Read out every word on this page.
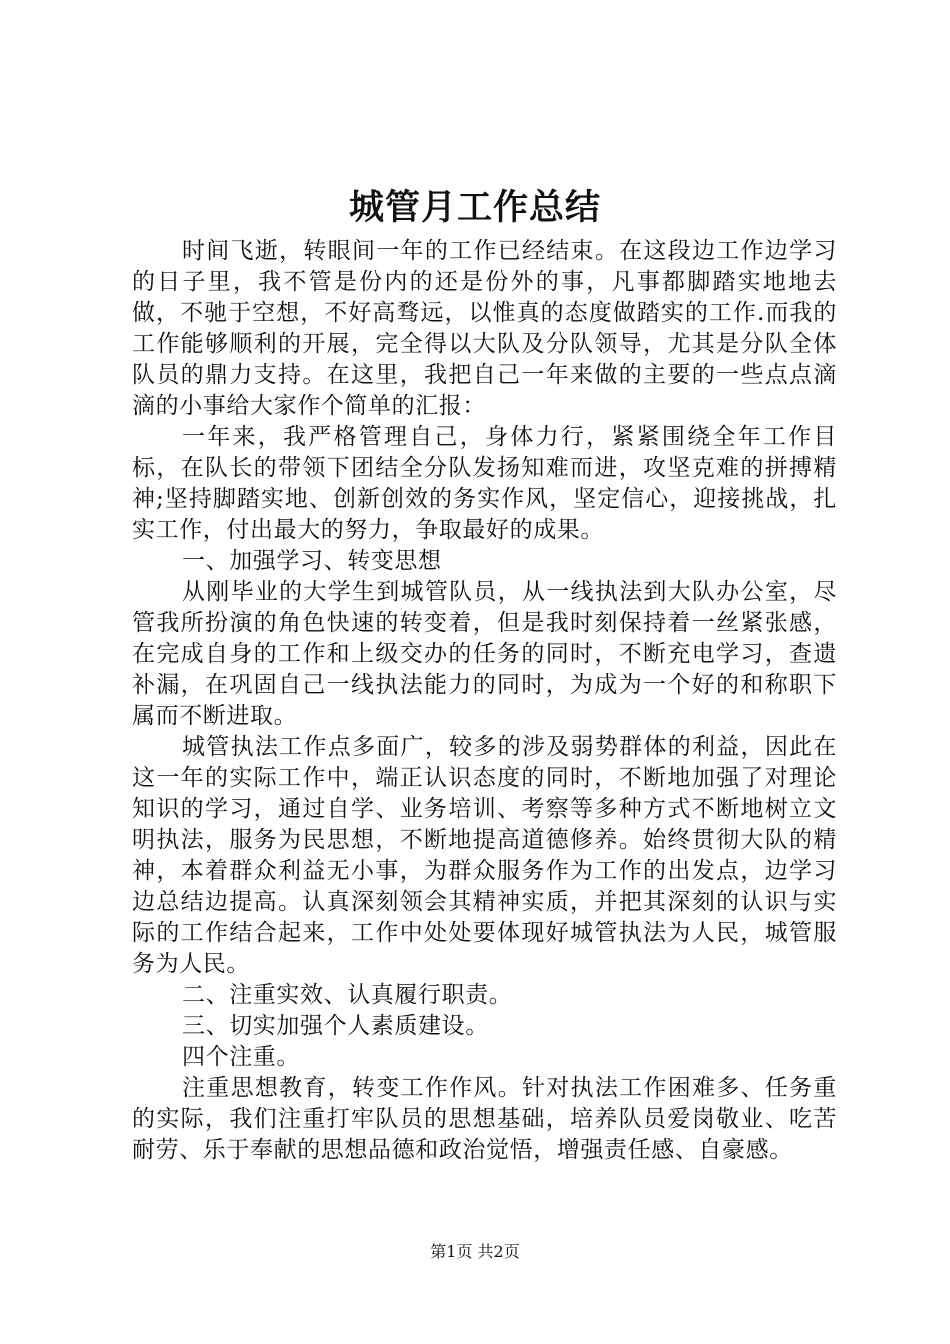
城管月工作总结

时间飞逝，转眼间一年的工作已经结束。在这段边工作边学习的日子里，我不管是份内的还是份外的事，凡事都脚踏实地地去做，不驰于空想，不好高骛远，以惟真的态度做踏实的工作.而我的工作能够顺利的开展，完全得以大队及分队领导，尤其是分队全体队员的鼎力支持。在这里，我把自己一年来做的主要的一些点点滴滴的小事给大家作个简单的汇报：

一年来，我严格管理自己，身体力行，紧紧围绕全年工作目标，在队长的带领下团结全分队发扬知难而进，攻坚克难的拼搏精神;坚持脚踏实地、创新创效的务实作风，坚定信心，迎接挑战，扎实工作，付出最大的努力，争取最好的成果。

一、加强学习、转变思想

从刚毕业的大学生到城管队员，从一线执法到大队办公室，尽管我所扮演的角色快速的转变着，但是我时刻保持着一丝紧张感，在完成自身的工作和上级交办的任务的同时，不断充电学习，查遗补漏，在巩固自己一线执法能力的同时，为成为一个好的和称职下属而不断进取。

城管执法工作点多面广，较多的涉及弱势群体的利益，因此在这一年的实际工作中，端正认识态度的同时，不断地加强了对理论知识的学习，通过自学、业务培训、考察等多种方式不断地树立文明执法，服务为民思想，不断地提高道德修养。始终贯彻大队的精神，本着群众利益无小事，为群众服务作为工作的出发点，边学习边总结边提高。认真深刻领会其精神实质，并把其深刻的认识与实际的工作结合起来，工作中处处要体现好城管执法为人民，城管服务为人民。

二、注重实效、认真履行职责。

三、切实加强个人素质建设。

四个注重。

注重思想教育，转变工作作风。针对执法工作困难多、任务重的实际，我们注重打牢队员的思想基础，培养队员爱岗敬业、吃苦耐劳、乐于奉献的思想品德和政治觉悟，增强责任感、自豪感。

第1页 共2页
